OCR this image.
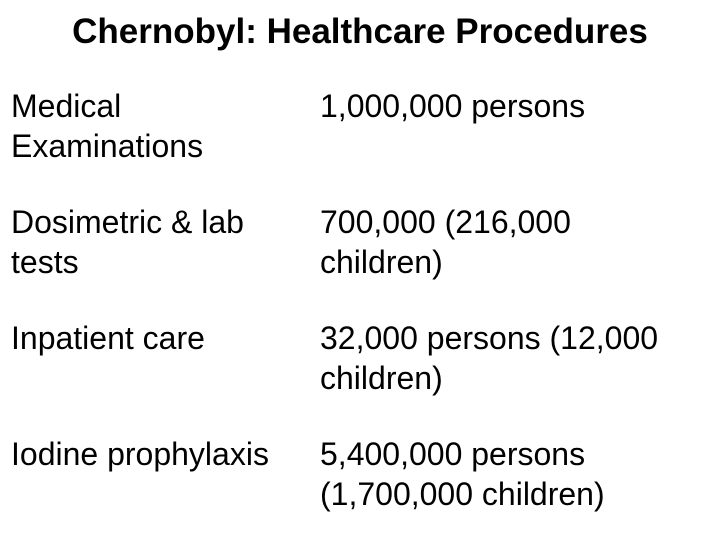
Chernobyl: Healthcare Procedures
Medical
Examinations
1,000,000 persons
Dosimetric & lab
tests
700,000 (216,000
children)
Inpatient care	32,000 persons (12,000
children)
Iodine prophylaxis	5,400,000 persons
(1,700,000 children)
